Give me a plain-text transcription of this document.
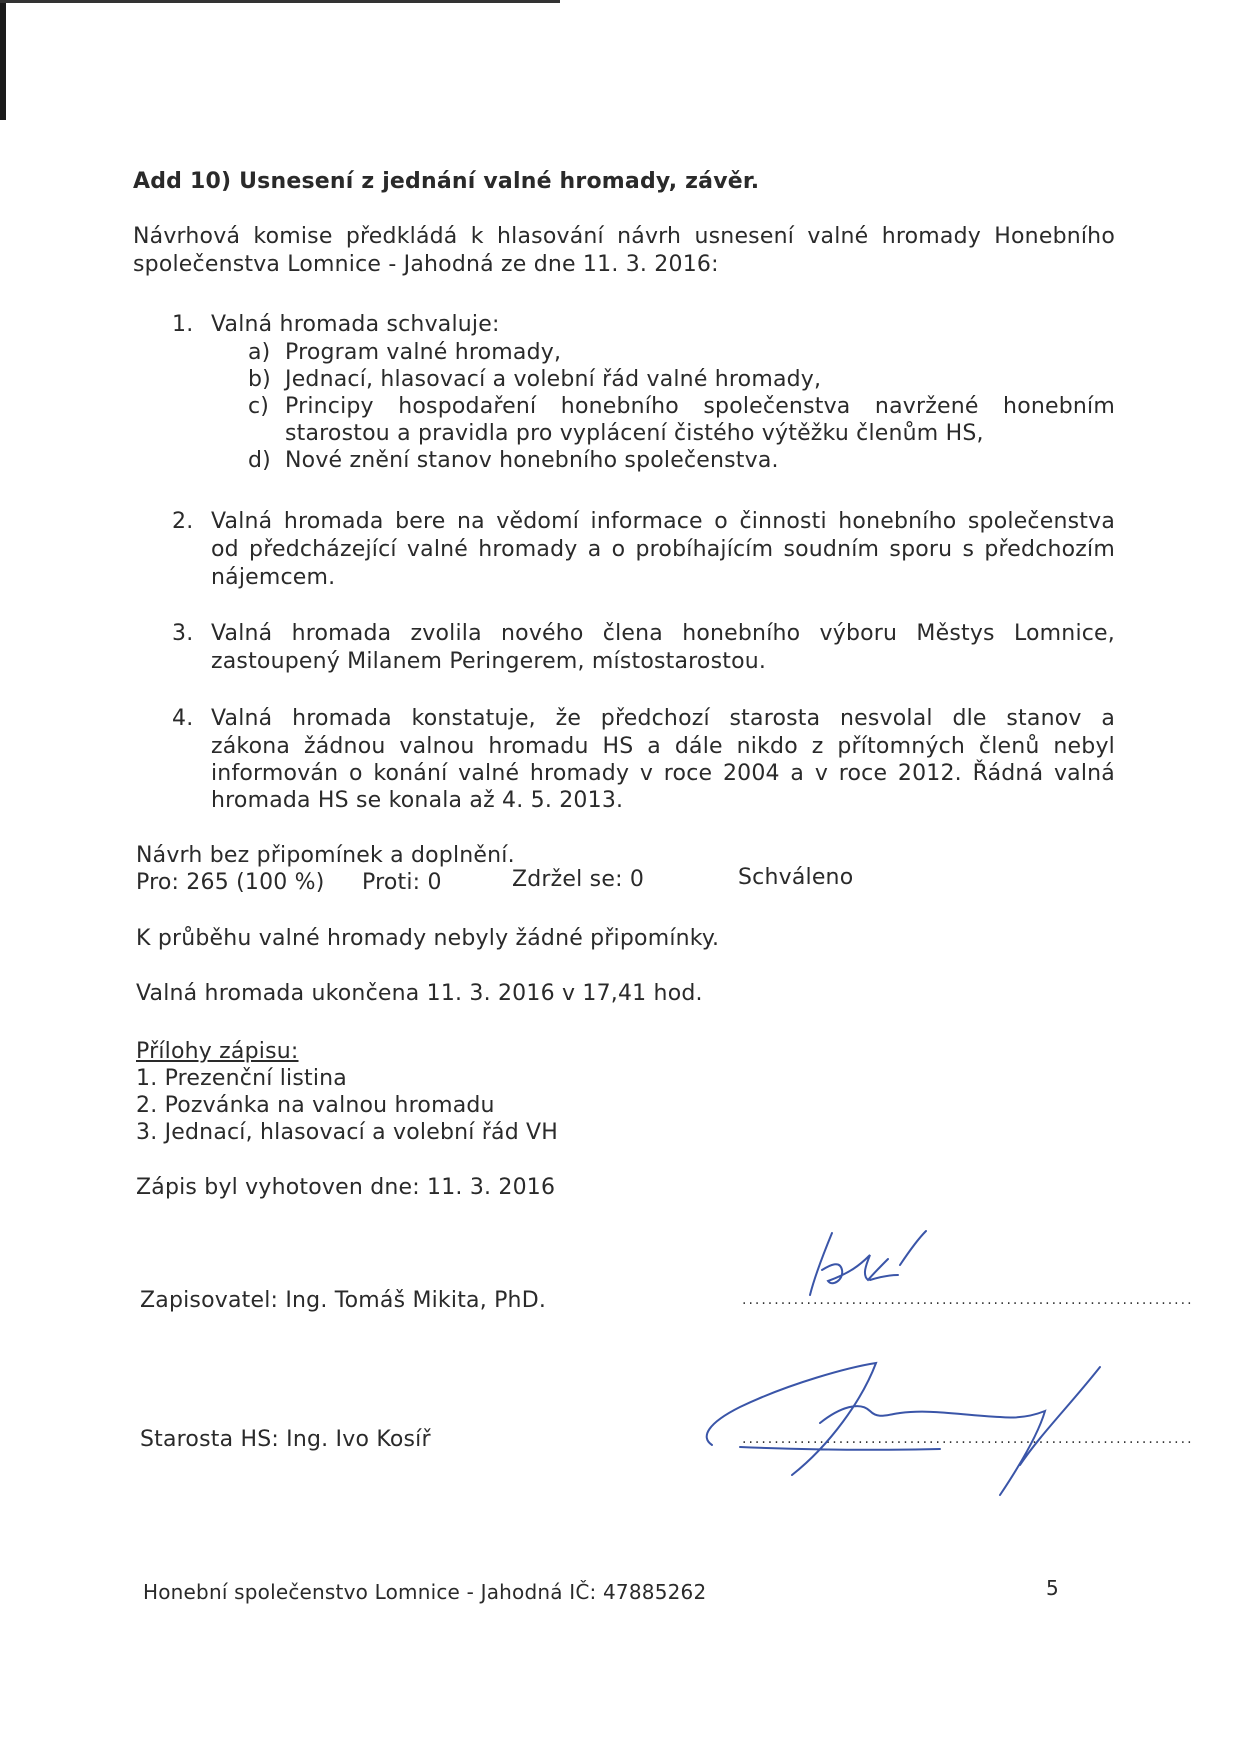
Add 10) Usnesení z jednání valné hromady, závěr.
Návrhová komise předkládá k hlasování návrh usnesení valné hromady Honebního
společenstva Lomnice - Jahodná ze dne 11. 3. 2016:
1. Valná hromada schvaluje:
a) Program valné hromady,
b) Jednací, hlasovací a volební řád valné hromady,
c) Principy hospodaření honebního společenstva navržené honebním
starostou a pravidla pro vyplácení čistého výtěžku členům HS,
d) Nové znění stanov honebního společenstva.
2. Valná hromada bere na vědomí informace o činnosti honebního společenstva
od předcházející valné hromady a o probíhajícím soudním sporu s předchozím
nájemcem.
3. Valná hromada zvolila nového člena honebního výboru Městys Lomnice,
zastoupený Milanem Peringerem, místostarostou.
4. Valná hromada konstatuje, že předchozí starosta nesvolal dle stanov a
zákona žádnou valnou hromadu HS a dále nikdo z přítomných členů nebyl
informován o konání valné hromady v roce 2004 a v roce 2012. Řádná valná
hromada HS se konala až 4. 5. 2013.
Návrh bez připomínek a doplnění.
Pro: 265 (100 %) Proti: 0	Zdržel se: 0	Schváleno
K průběhu valné hromady nebyly žádné připomínky.
Valná hromada ukončena 11. 3. 2016 v 17,41 hod.
Přílohy zápisu:
1. Prezenční listina
2. Pozvánka na valnou hromadu
3. Jednací, hlasovací a volební řád VH
Zápis byl vyhotoven dne: 11. 3. 2016
Zapisovatel: Ing. Tomáš Mikita, PhD.	......................................................................
Starosta HS: Ing. Ivo Kosíř	......................................................................
Honební společenstvo Lomnice - Jahodná IČ: 47885262	5
